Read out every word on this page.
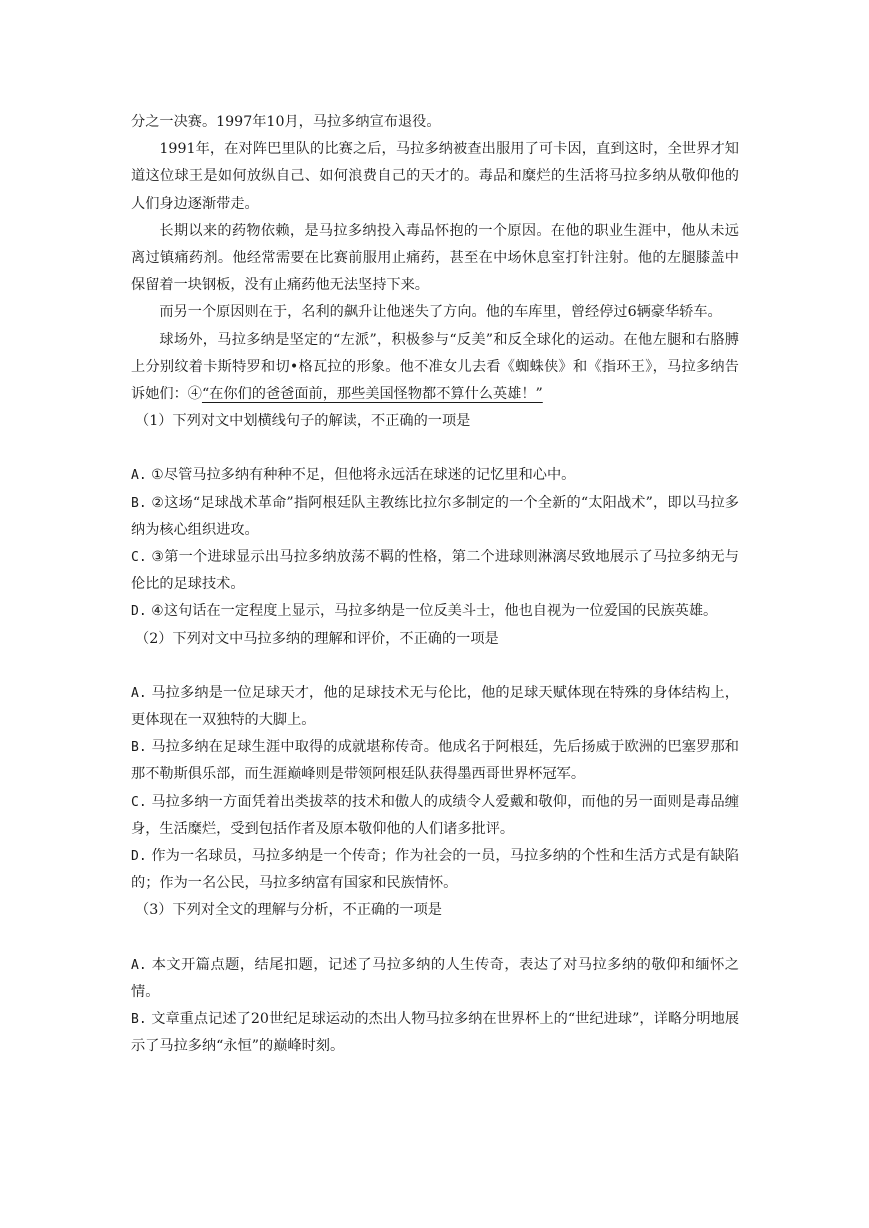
分之一决赛。1997年10月，马拉多纳宣布退役。

1991年，在对阵巴里队的比赛之后，马拉多纳被查出服用了可卡因，直到这时，全世界才知道这位球王是如何放纵自己、如何浪费自己的天才的。毒品和糜烂的生活将马拉多纳从敬仰他的人们身边逐渐带走。

长期以来的药物依赖，是马拉多纳投入毒品怀抱的一个原因。在他的职业生涯中，他从未远离过镇痛药剂。他经常需要在比赛前服用止痛药，甚至在中场休息室打针注射。他的左腿膝盖中保留着一块钢板，没有止痛药他无法坚持下来。

而另一个原因则在于，名利的飙升让他迷失了方向。他的车库里，曾经停过6辆豪华轿车。

球场外，马拉多纳是坚定的“左派”，积极参与“反美”和反全球化的运动。在他左腿和右胳膊上分别纹着卡斯特罗和切•格瓦拉的形象。他不准女儿去看《蜘蛛侠》和《指环王》，马拉多纳告诉她们：④“在你们的爸爸面前，那些美国怪物都不算什么英雄！”

（1）下列对文中划横线句子的解读，不正确的一项是

A. ①尽管马拉多纳有种种不足，但他将永远活在球迷的记忆里和心中。

B. ②这场“足球战术革命”指阿根廷队主教练比拉尔多制定的一个全新的“太阳战术”，即以马拉多纳为核心组织进攻。

C. ③第一个进球显示出马拉多纳放荡不羁的性格，第二个进球则淋漓尽致地展示了马拉多纳无与伦比的足球技术。

D. ④这句话在一定程度上显示，马拉多纳是一位反美斗士，他也自视为一位爱国的民族英雄。

（2）下列对文中马拉多纳的理解和评价，不正确的一项是

A. 马拉多纳是一位足球天才，他的足球技术无与伦比，他的足球天赋体现在特殊的身体结构上，更体现在一双独特的大脚上。

B. 马拉多纳在足球生涯中取得的成就堪称传奇。他成名于阿根廷，先后扬威于欧洲的巴塞罗那和那不勒斯俱乐部，而生涯巅峰则是带领阿根廷队获得墨西哥世界杯冠军。

C. 马拉多纳一方面凭着出类拔萃的技术和傲人的成绩令人爱戴和敬仰，而他的另一面则是毒品缠身，生活糜烂，受到包括作者及原本敬仰他的人们诸多批评。

D. 作为一名球员，马拉多纳是一个传奇；作为社会的一员，马拉多纳的个性和生活方式是有缺陷的；作为一名公民，马拉多纳富有国家和民族情怀。

（3）下列对全文的理解与分析，不正确的一项是

A. 本文开篇点题，结尾扣题，记述了马拉多纳的人生传奇，表达了对马拉多纳的敬仰和缅怀之情。

B. 文章重点记述了20世纪足球运动的杰出人物马拉多纳在世界杯上的“世纪进球”，详略分明地展示了马拉多纳“永恒”的巅峰时刻。
